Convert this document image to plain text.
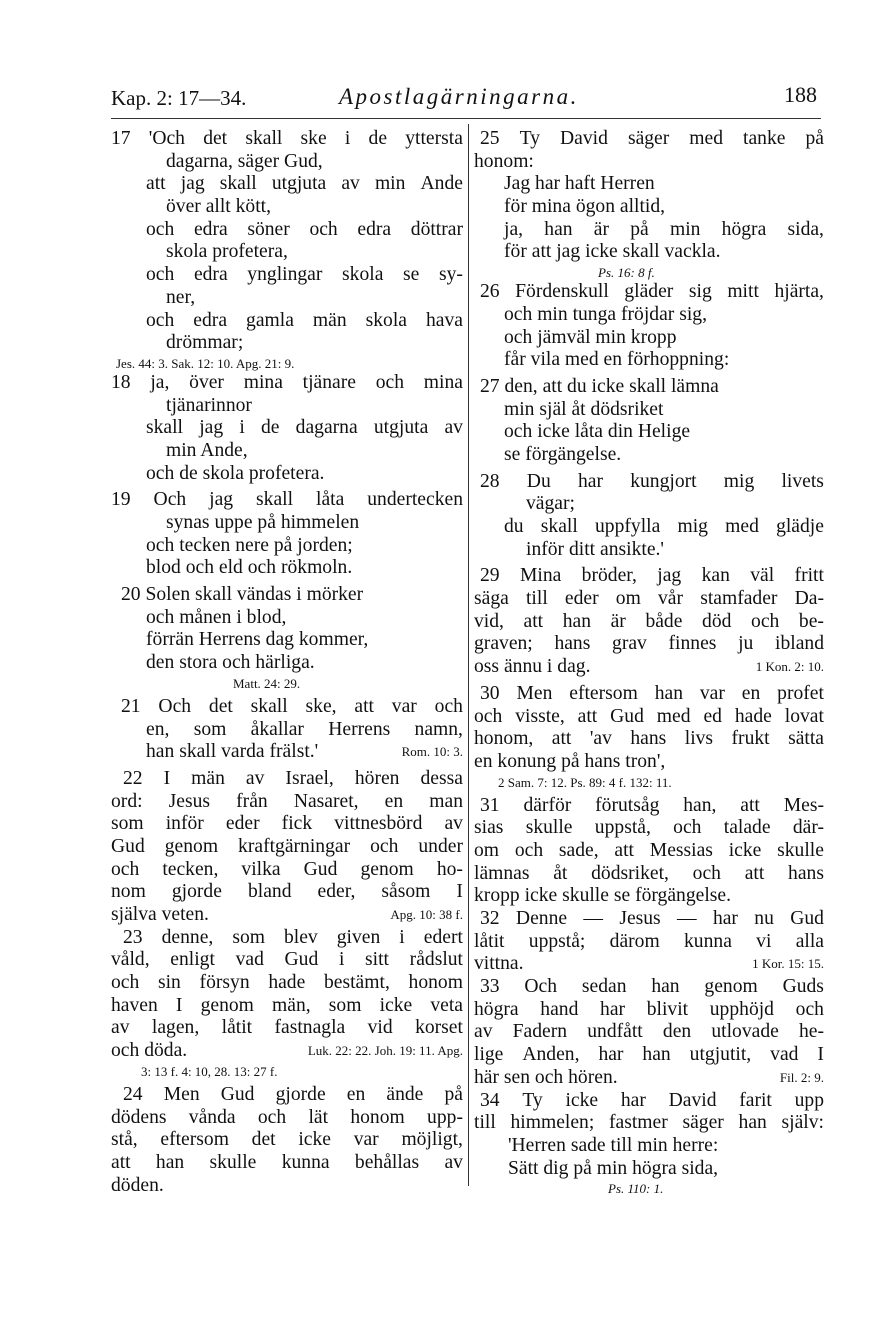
Kap. 2: 17—34.	Apostlagärningarna.	188
17 'Och det skall ske i de yttersta
dagarna, säger Gud,
att jag skall utgjuta av min Ande
över allt kött,
och edra söner och edra döttrar
skola profetera,
och edra ynglingar skola se sy-
ner,
och edra gamla män skola hava
drömmar;
Jes. 44: 3. Sak. 12: 10. Apg. 21: 9.
18 ja, över mina tjänare och mina
tjänarinnor
skall jag i de dagarna utgjuta av
min Ande,
och de skola profetera.
19 Och jag skall låta undertecken
synas uppe på himmelen
och tecken nere på jorden;
blod och eld och rökmoln.
20 Solen skall vändas i mörker
och månen i blod,
förrän Herrens dag kommer,
den stora och härliga.
Matt. 24: 29.
21 Och det skall ske, att var och
en, som åkallar Herrens namn,
han skall varda frälst.'	Rom. 10: 3.
22 I män av Israel, hören dessa
ord: Jesus från Nasaret, en man
som inför eder fick vittnesbörd av
Gud genom kraftgärningar och under
och tecken, vilka Gud genom ho-
nom gjorde bland eder, såsom I
själva veten.	Apg. 10: 38 f.
23 denne, som blev given i edert
våld, enligt vad Gud i sitt rådslut
och sin försyn hade bestämt, honom
haven I genom män, som icke veta
av lagen, låtit fastnagla vid korset
och döda.	Luk. 22: 22. Joh. 19: 11. Apg.
3: 13 f. 4: 10, 28. 13: 27 f.
24 Men Gud gjorde en ände på
dödens vånda och lät honom upp-
stå, eftersom det icke var möjligt,
att han skulle kunna behållas av
döden.
25 Ty David säger med tanke på
honom:
Jag har haft Herren
för mina ögon alltid,
ja, han är på min högra sida,
för att jag icke skall vackla.
Ps. 16: 8 f.
26 Fördenskull gläder sig mitt hjärta,
och min tunga fröjdar sig,
och jämväl min kropp
får vila med en förhoppning:
27 den, att du icke skall lämna
min själ åt dödsriket
och icke låta din Helige
se förgängelse.
28 Du har kungjort mig livets
vägar;
du skall uppfylla mig med glädje
inför ditt ansikte.'
29 Mina bröder, jag kan väl fritt
säga till eder om vår stamfader Da-
vid, att han är både död och be-
graven; hans grav finnes ju ibland
oss ännu i dag.	1 Kon. 2: 10.
30 Men eftersom han var en profet
och visste, att Gud med ed hade lovat
honom, att 'av hans livs frukt sätta
en konung på hans tron',
2 Sam. 7: 12. Ps. 89: 4 f. 132: 11.
31 därför förutsåg han, att Mes-
sias skulle uppstå, och talade där-
om och sade, att Messias icke skulle
lämnas åt dödsriket, och att hans
kropp icke skulle se förgängelse.
32 Denne — Jesus — har nu Gud
låtit uppstå; därom kunna vi alla
vittna.	1 Kor. 15: 15.
33 Och sedan han genom Guds
högra hand har blivit upphöjd och
av Fadern undfått den utlovade he-
lige Anden, har han utgjutit, vad I
här sen och hören.	Fil. 2: 9.
34 Ty icke har David farit upp
till himmelen; fastmer säger han själv:
'Herren sade till min herre:
Sätt dig på min högra sida,
Ps. 110: 1.
